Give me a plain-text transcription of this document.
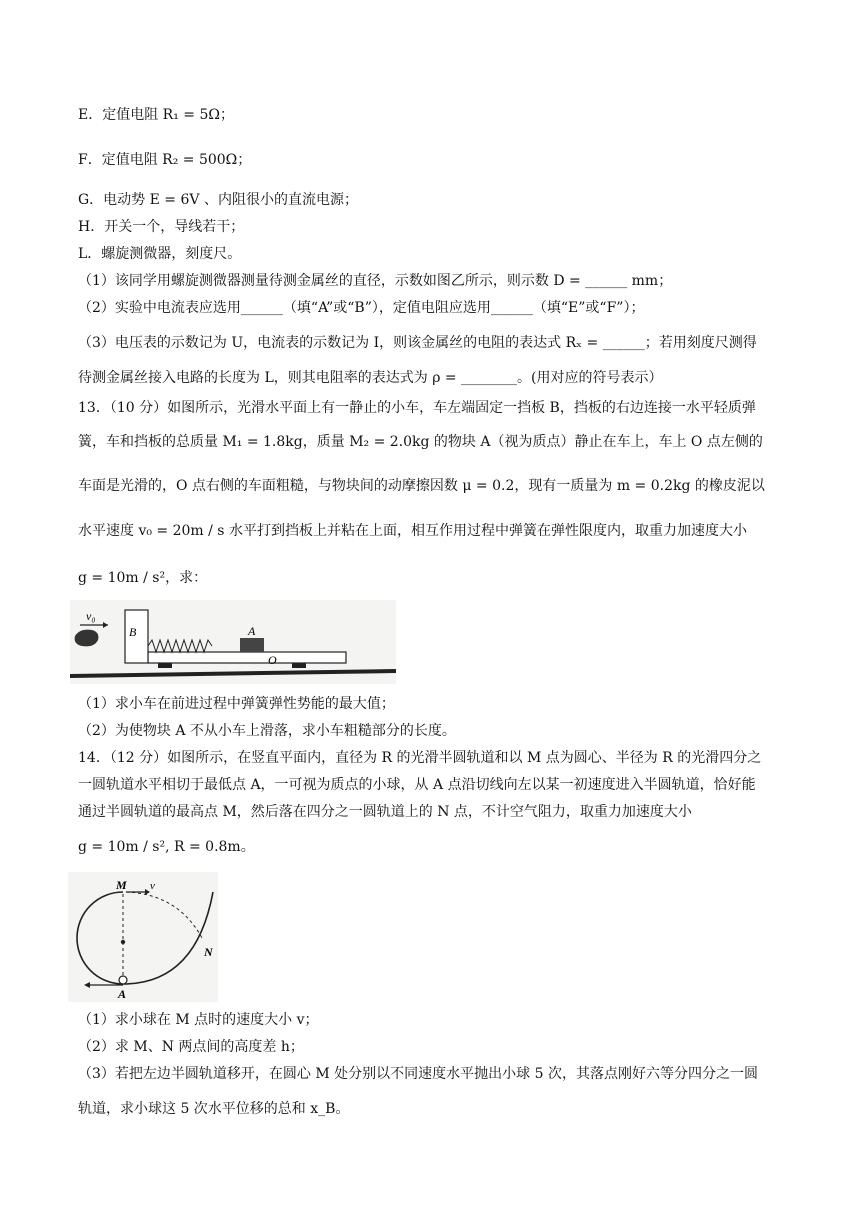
E．定值电阻 R₁ = 5Ω；
F．定值电阻 R₂ = 500Ω；
G．电动势 E = 6V 、内阻很小的直流电源；
H．开关一个，导线若干；
L．螺旋测微器，刻度尺。
（1）该同学用螺旋测微器测量待测金属丝的直径，示数如图乙所示，则示数 D = ______ mm；
（2）实验中电流表应选用______（填“A”或“B”），定值电阻应选用______（填“E”或“F”）；
（3）电压表的示数记为 U，电流表的示数记为 I，则该金属丝的电阻的表达式 Rₓ = ______；若用刻度尺测得
待测金属丝接入电路的长度为 L，则其电阻率的表达式为 ρ = ________。(用对应的符号表示）
13．（10 分）如图所示，光滑水平面上有一静止的小车，车左端固定一挡板 B，挡板的右边连接一水平轻质弹
簧，车和挡板的总质量 M₁ = 1.8kg，质量 M₂ = 2.0kg 的物块 A（视为质点）静止在车上，车上 O 点左侧的
车面是光滑的，O 点右侧的车面粗糙，与物块间的动摩擦因数 μ = 0.2，现有一质量为 m = 0.2kg 的橡皮泥以
水平速度 v₀ = 20m / s 水平打到挡板上并粘在上面，相互作用过程中弹簧在弹性限度内，取重力加速度大小
g = 10m / s²，求：
v₀
B	A
O
（1）求小车在前进过程中弹簧弹性势能的最大值；
（2）为使物块 A 不从小车上滑落，求小车粗糙部分的长度。
14．（12 分）如图所示，在竖直平面内，直径为 R 的光滑半圆轨道和以 M 点为圆心、半径为 R 的光滑四分之
一圆轨道水平相切于最低点 A，一可视为质点的小球，从 A 点沿切线向左以某一初速度进入半圆轨道，恰好能
通过半圆轨道的最高点 M，然后落在四分之一圆轨道上的 N 点，不计空气阻力，取重力加速度大小
g = 10m / s², R = 0.8m。
M v
N
A
（1）求小球在 M 点时的速度大小 v；
（2）求 M、N 两点间的高度差 h；
（3）若把左边半圆轨道移开，在圆心 M 处分别以不同速度水平抛出小球 5 次，其落点刚好六等分四分之一圆
轨道，求小球这 5 次水平位移的总和 x_B。
